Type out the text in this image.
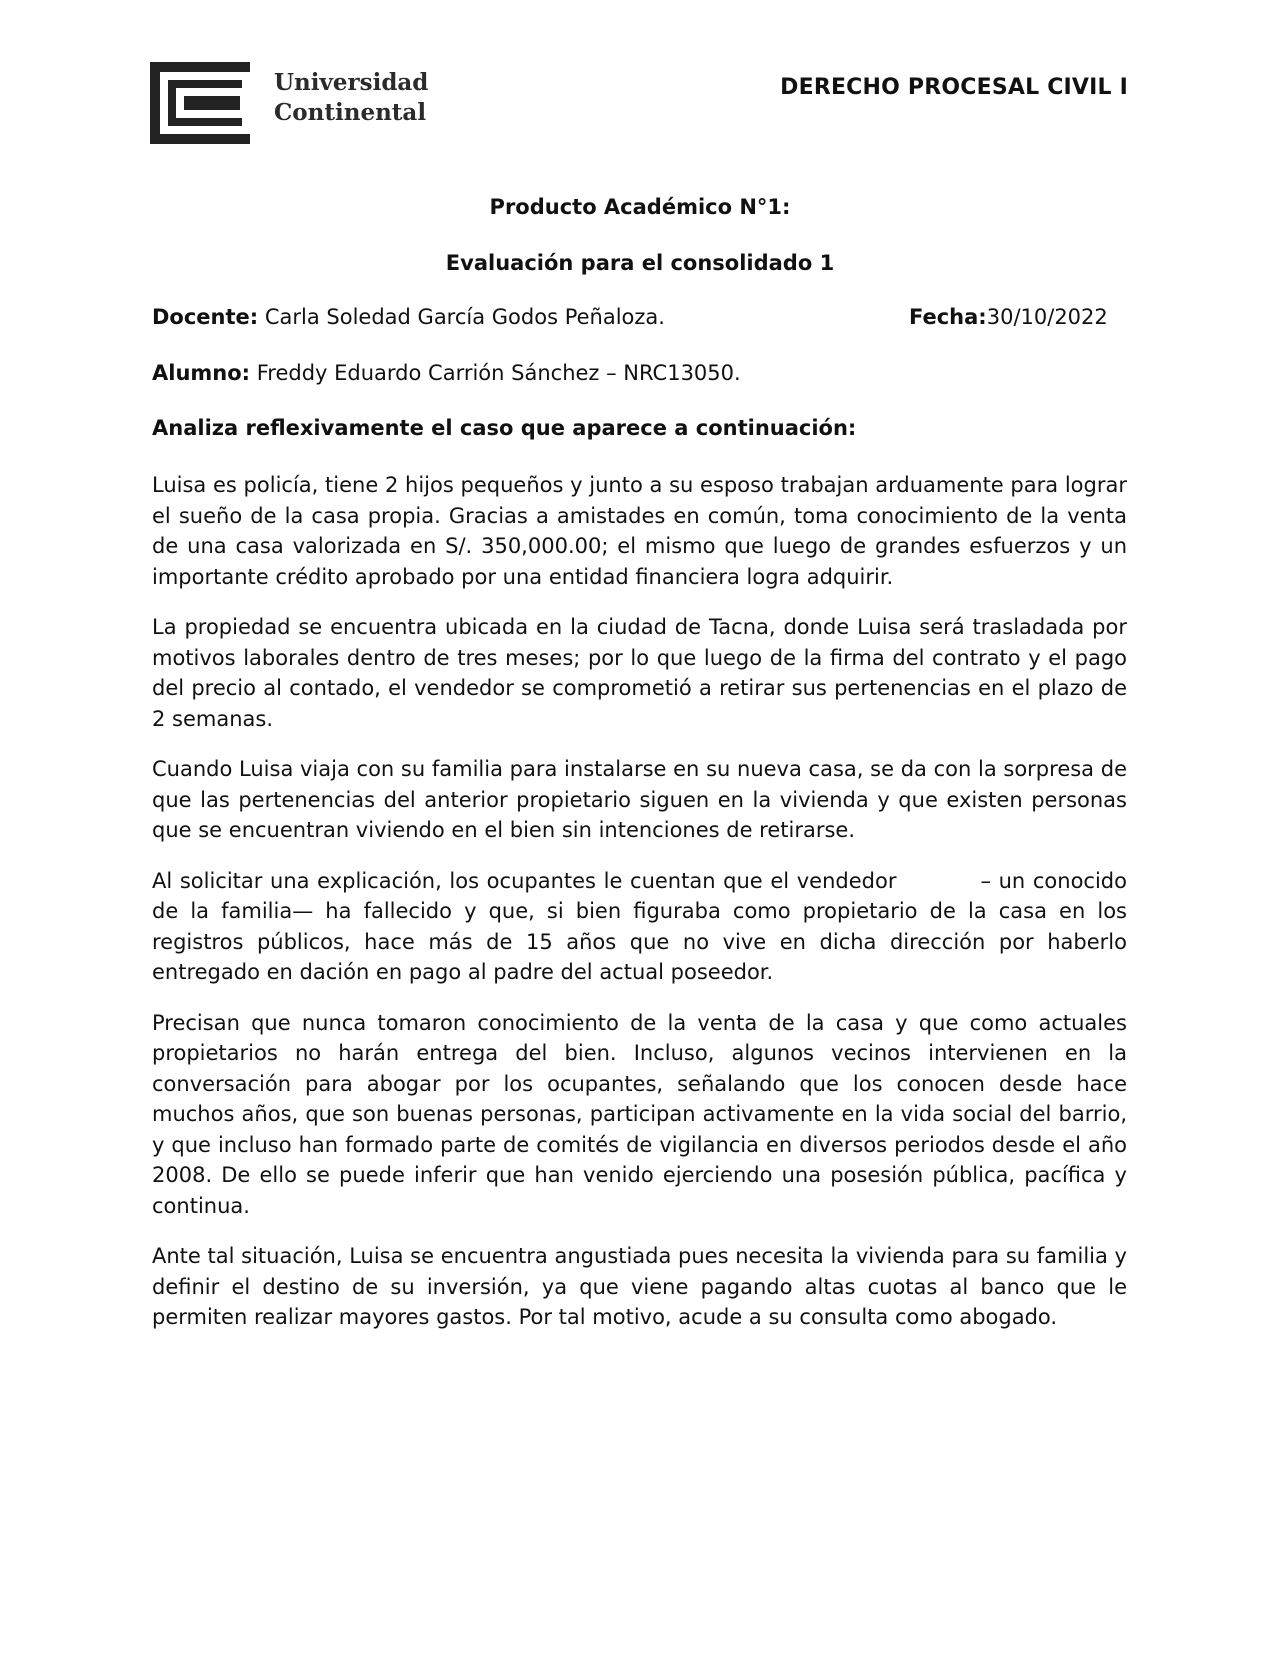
Universidad
Continental
DERECHO PROCESAL CIVIL I
Producto Académico N°1:
Evaluación para el consolidado 1
Docente: Carla Soledad García Godos Peñaloza.	Fecha:30/10/2022
Alumno: Freddy Eduardo Carrión Sánchez – NRC13050.
Analiza reflexivamente el caso que aparece a continuación:

Luisa es policía, tiene 2 hijos pequeños y junto a su esposo trabajan arduamente para lograr el sueño de la casa propia. Gracias a amistades en común, toma conocimiento de la venta de una casa valorizada en S/. 350,000.00; el mismo que luego de grandes esfuerzos y un importante crédito aprobado por una entidad financiera logra adquirir.

La propiedad se encuentra ubicada en la ciudad de Tacna, donde Luisa será trasladada por motivos laborales dentro de tres meses; por lo que luego de la firma del contrato y el pago del precio al contado, el vendedor se comprometió a retirar sus pertenencias en el plazo de 2 semanas.

Cuando Luisa viaja con su familia para instalarse en su nueva casa, se da con la sorpresa de que las pertenencias del anterior propietario siguen en la vivienda y que existen personas que se encuentran viviendo en el bien sin intenciones de retirarse.

Al solicitar una explicación, los ocupantes le cuentan que el vendedor           – un conocido de la familia— ha fallecido y que, si bien figuraba como propietario de la casa en los registros públicos, hace más de 15 años que no vive en dicha dirección por haberlo entregado en dación en pago al padre del actual poseedor.

Precisan que nunca tomaron conocimiento de la venta de la casa y que como actuales propietarios no harán entrega del bien. Incluso, algunos vecinos intervienen en la conversación para abogar por los ocupantes, señalando que los conocen desde hace muchos años, que son buenas personas, participan activamente en la vida social del barrio, y que incluso han formado parte de comités de vigilancia en diversos periodos desde el año 2008. De ello se puede inferir que han venido ejerciendo una posesión pública, pacífica y continua.

Ante tal situación, Luisa se encuentra angustiada pues necesita la vivienda para su familia y definir el destino de su inversión, ya que viene pagando altas cuotas al banco que le permiten realizar mayores gastos. Por tal motivo, acude a su consulta como abogado.
